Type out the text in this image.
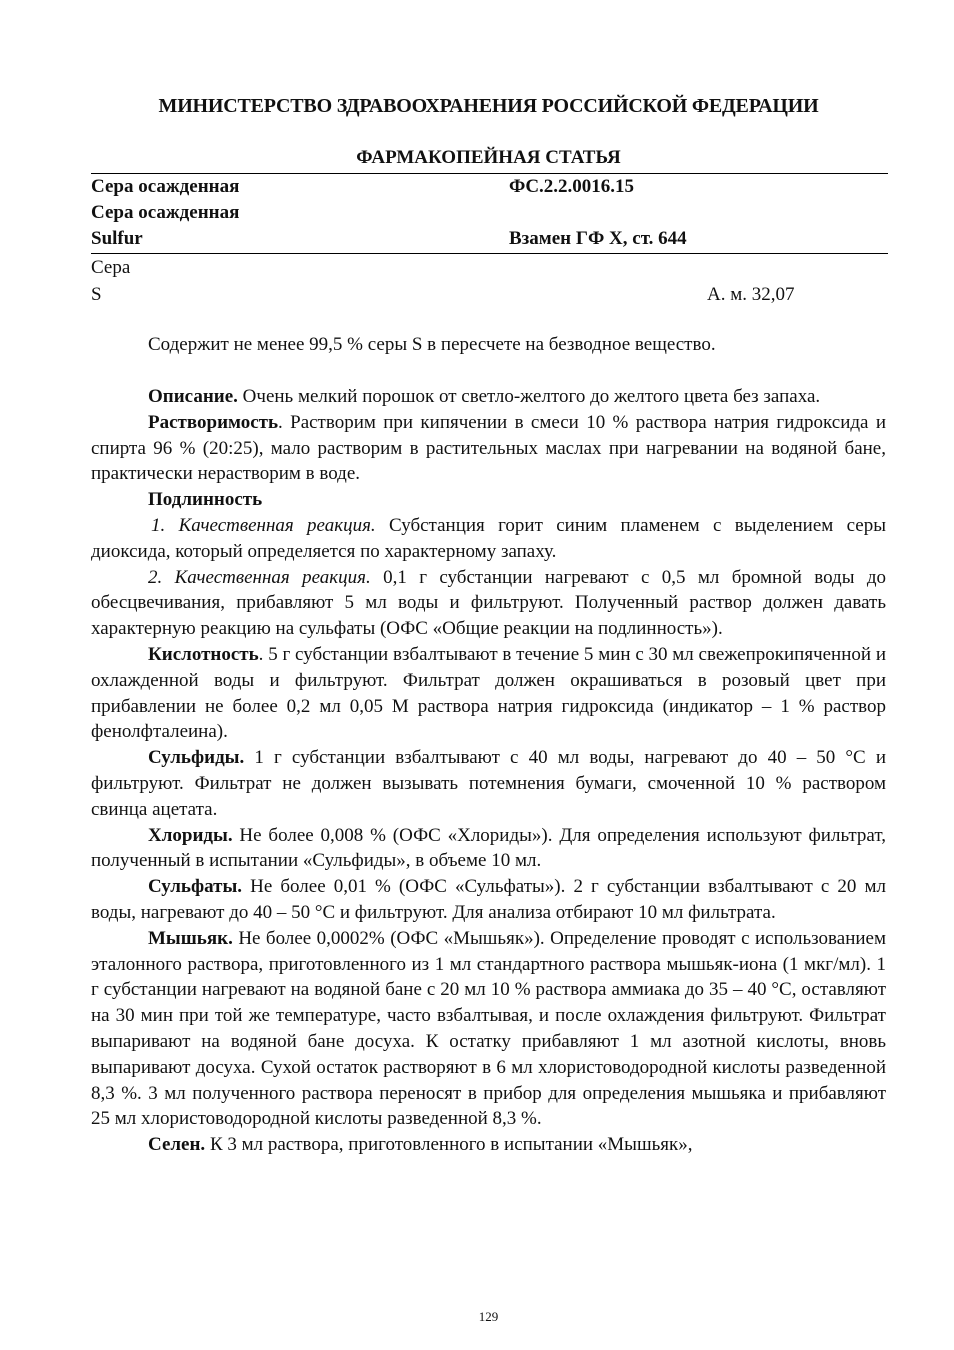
МИНИСТЕРСТВО ЗДРАВООХРАНЕНИЯ РОССИЙСКОЙ ФЕДЕРАЦИИ
ФАРМАКОПЕЙНАЯ СТАТЬЯ
Сера осажденная	ФС.2.2.0016.15
Сера осажденная
Sulfur	Взамен ГФ X, ст. 644
Сера
S	А. м. 32,07
Содержит не менее 99,5 % серы S в пересчете на безводное вещество.

Описание. Очень мелкий порошок от светло-желтого до желтого цвета без запаха.

Растворимость. Растворим при кипячении в смеси 10 % раствора натрия гидроксида и спирта 96 % (20:25), мало растворим в растительных маслах при нагревании на водяной бане, практически нерастворим в воде.

Подлинность

1. Качественная реакция. Субстанция горит синим пламенем с выделением серы диоксида, который определяется по характерному запаху.

2. Качественная реакция. 0,1 г субстанции нагревают с 0,5 мл бромной воды до обесцвечивания, прибавляют 5 мл воды и фильтруют. Полученный раствор должен давать характерную реакцию на сульфаты (ОФС «Общие реакции на подлинность»).

Кислотность. 5 г субстанции взбалтывают в течение 5 мин с 30 мл свежепрокипяченной и охлажденной воды и фильтруют. Фильтрат должен окрашиваться в розовый цвет при прибавлении не более 0,2 мл 0,05 М раствора натрия гидроксида (индикатор – 1 % раствор фенолфталеина).

Сульфиды. 1 г субстанции взбалтывают с 40 мл воды, нагревают до 40 – 50 °С и фильтруют. Фильтрат не должен вызывать потемнения бумаги, смоченной 10 % раствором свинца ацетата.

Хлориды. Не более 0,008 % (ОФС «Хлориды»). Для определения используют фильтрат, полученный в испытании «Сульфиды», в объеме 10 мл.

Сульфаты. Не более 0,01 % (ОФС «Сульфаты»). 2 г субстанции взбалтывают с 20 мл воды, нагревают до 40 – 50 °С и фильтруют. Для анализа отбирают 10 мл фильтрата.

Мышьяк. Не более 0,0002% (ОФС «Мышьяк»). Определение проводят с использованием эталонного раствора, приготовленного из 1 мл стандартного раствора мышьяк-иона (1 мкг/мл). 1 г субстанции нагревают на водяной бане с 20 мл 10 % раствора аммиака до 35 – 40 °С, оставляют на 30 мин при той же температуре, часто взбалтывая, и после охлаждения фильтруют. Фильтрат выпаривают на водяной бане досуха. К остатку прибавляют 1 мл азотной кислоты, вновь выпаривают досуха. Сухой остаток растворяют в 6 мл хлористоводородной кислоты разведенной 8,3 %. 3 мл полученного раствора переносят в прибор для определения мышьяка и прибавляют 25 мл хлористоводородной кислоты разведенной 8,3 %.

Селен. К 3 мл раствора, приготовленного в испытании «Мышьяк»,

129
